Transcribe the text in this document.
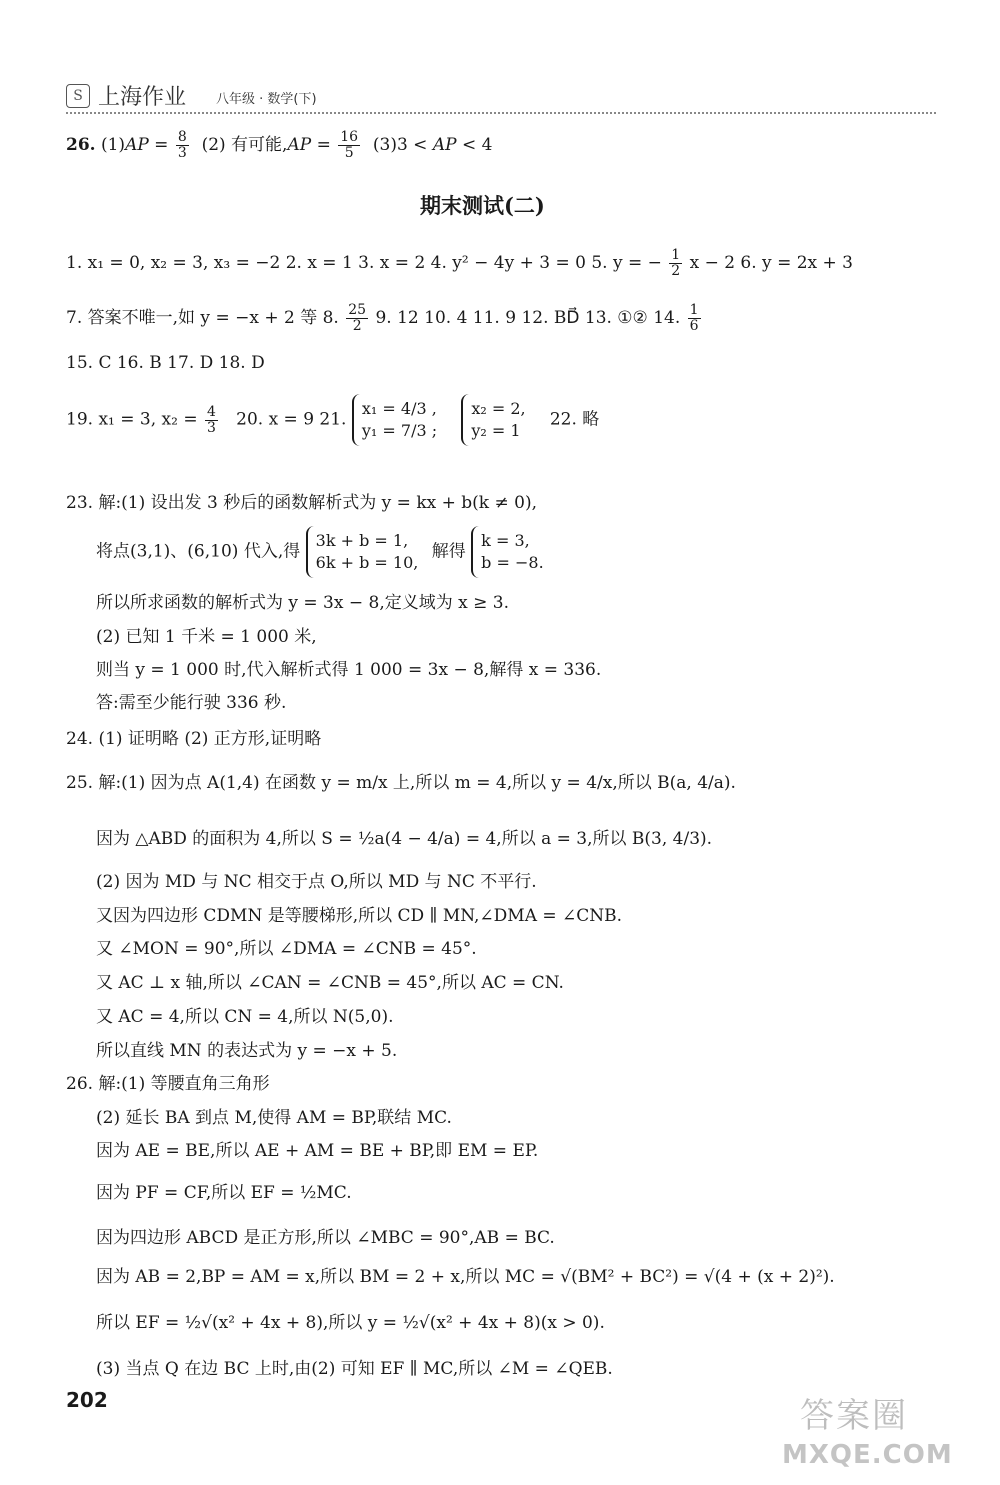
S 上海作业 八年级 · 数学(下)
26. $(1)AP = \frac{8}{3} (2)$ 有可能$,AP = \frac{16}{5} (3)3$ < AP < 4
期末测试(二)
1. x₁ = 0, x₂ = 3, x₃ = −2 2. x = 1 3. x = 2 4. y² − 4y + 3 = 0 5. y = − $\frac{1}{2}$ x − 2 6. y = 2x + 3
7. 答案不唯一,如 y = −x + 2 等 8. $\frac{25}{2} 9$. 12 10. 4 11. 9 12. BD⃗ 13. ①② 14. $\frac{1}{6}$
15. C 16. B 17. D 18. D
19. x₁ = 3, $x_2 = \frac{4}{3} 20$. x = 9 21.
x₁ = 4/3 ,
y₁ = 7/3 ;

x₂ = 2,
y₂ = 1
22. 略
23. 解:(1) 设出发 3 秒后的函数解析式为 y = kx + b(k ≠ 0),
将点(3,1)、(6,10) 代入,得
3k + b = 1,
6k + b = 10,
解得
k = 3,
b = −8.
所以所求函数的解析式为 y = 3x − 8,定义域为 x ≥ 3.
(2) 已知 1 千米 = 1 000 米,
则当 y = 1 000 时,代入解析式得 1 000 = 3x − 8,解得 x = 336.
答:需至少能行驶 336 秒.
24. (1) 证明略 (2) 正方形,证明略
25. 解:(1) 因为点 A(1,4) 在函数 y = m/x 上,所以 m = 4,所以 y = 4/x,所以 B(a, 4/a).
因为 △ABD 的面积为 4,所以 S = ½a(4 − 4/a) = 4,所以 a = 3,所以 B(3, 4/3).
(2) 因为 MD 与 NC 相交于点 O,所以 MD 与 NC 不平行.
又因为四边形 CDMN 是等腰梯形,所以 CD ∥ MN,∠DMA = ∠CNB.
又 ∠MON = 90°,所以 ∠DMA = ∠CNB = 45°.
又 AC ⊥ x 轴,所以 ∠CAN = ∠CNB = 45°,所以 AC = CN.
又 AC = 4,所以 CN = 4,所以 N(5,0).
所以直线 MN 的表达式为 y = −x + 5.
26. 解:(1) 等腰直角三角形
(2) 延长 BA 到点 M,使得 AM = BP,联结 MC.
因为 AE = BE,所以 AE + AM = BE + BP,即 EM = EP.
因为 PF = CF,所以 EF = ½MC.
因为四边形 ABCD 是正方形,所以 ∠MBC = 90°,AB = BC.
因为 AB = 2,BP = AM = x,所以 BM = 2 + x,所以 MC = √(BM² + BC²) = √(4 + (x + 2)²).
所以 EF = ½√(x² + 4x + 8),所以 y = ½√(x² + 4x + 8)(x > 0).
(3) 当点 Q 在边 BC 上时,由(2) 可知 EF ∥ MC,所以 ∠M = ∠QEB.
202	答案圈
MXQE.COM
